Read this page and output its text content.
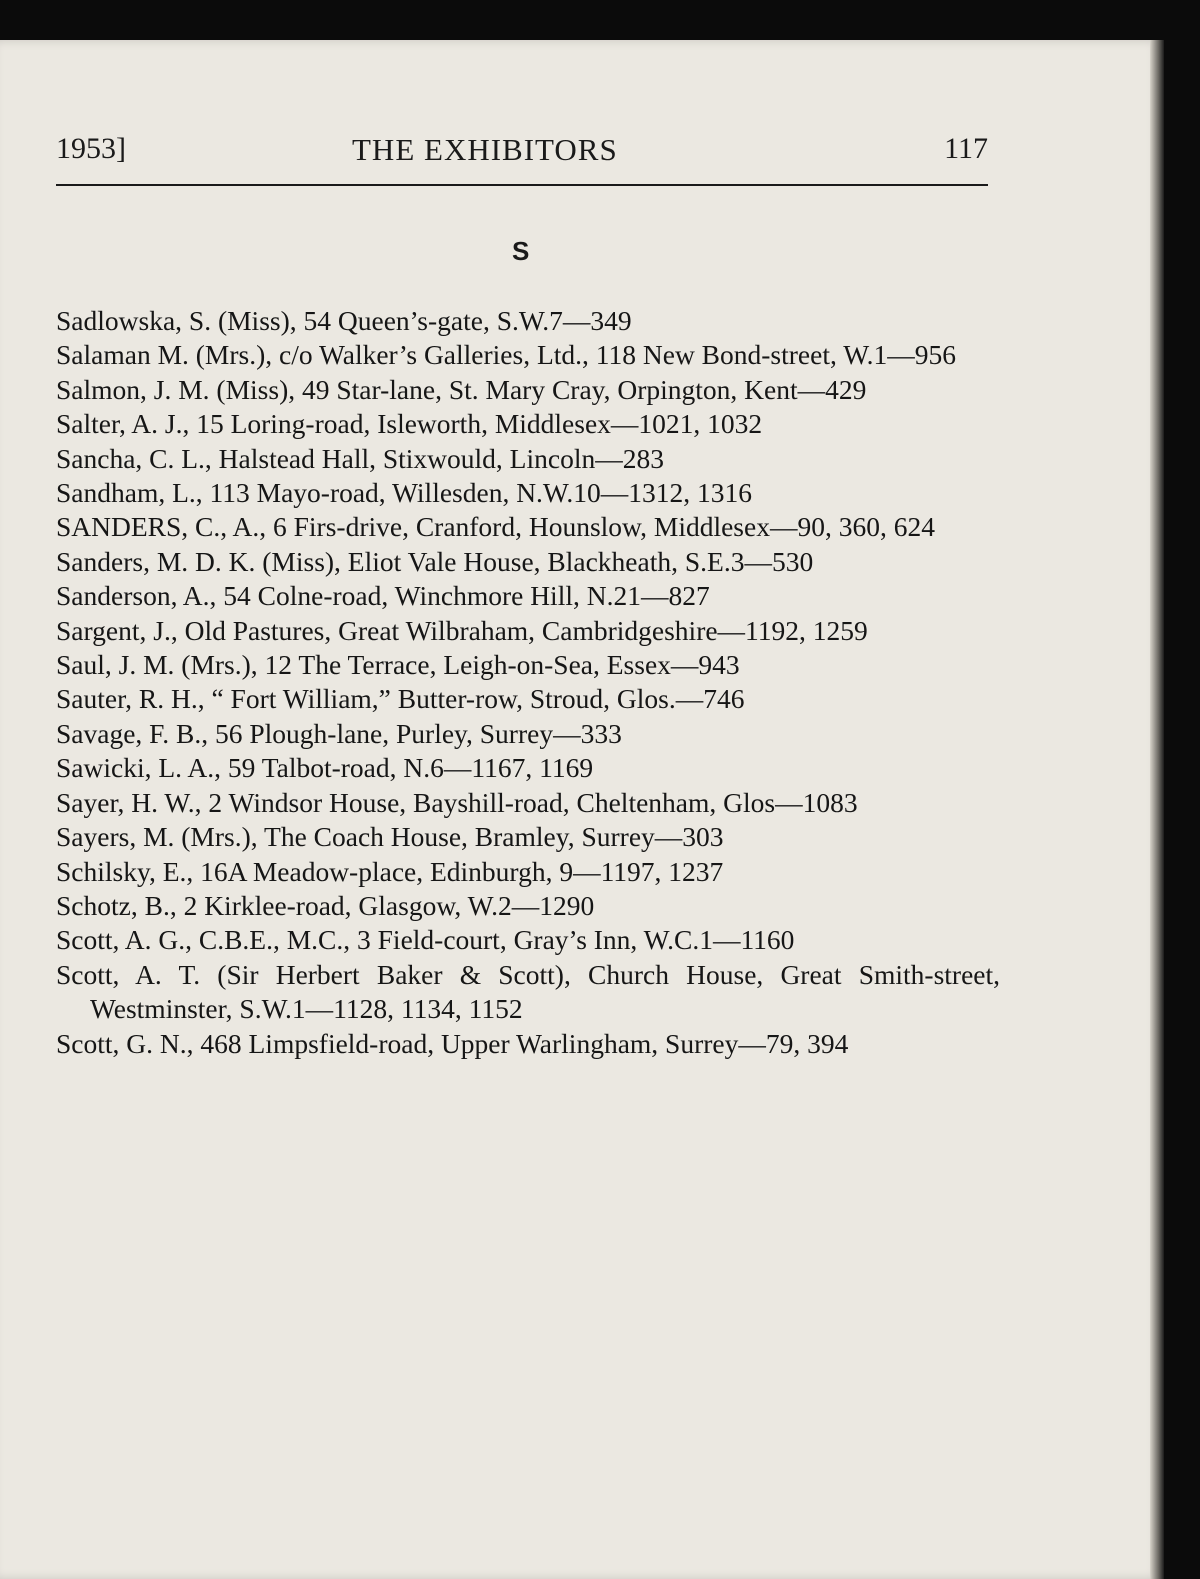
1953]	THE EXHIBITORS	117
S
Sadlowska, S. (Miss), 54 Queen’s-gate, S.W.7—349
Salaman M. (Mrs.), c/o Walker’s Galleries, Ltd., 118 New Bond-street, W.1—956
Salmon, J. M. (Miss), 49 Star-lane, St. Mary Cray, Orpington, Kent—429
Salter, A. J., 15 Loring-road, Isleworth, Middlesex—1021, 1032
Sancha, C. L., Halstead Hall, Stixwould, Lincoln—283
Sandham, L., 113 Mayo-road, Willesden, N.W.10—1312, 1316
SANDERS, C., A., 6 Firs-drive, Cranford, Hounslow, Middlesex—90, 360, 624
Sanders, M. D. K. (Miss), Eliot Vale House, Blackheath, S.E.3—530
Sanderson, A., 54 Colne-road, Winchmore Hill, N.21—827
Sargent, J., Old Pastures, Great Wilbraham, Cambridgeshire—1192, 1259
Saul, J. M. (Mrs.), 12 The Terrace, Leigh-on-Sea, Essex—943
Sauter, R. H., “ Fort William,” Butter-row, Stroud, Glos.—746
Savage, F. B., 56 Plough-lane, Purley, Surrey—333
Sawicki, L. A., 59 Talbot-road, N.6—1167, 1169
Sayer, H. W., 2 Windsor House, Bayshill-road, Cheltenham, Glos—1083
Sayers, M. (Mrs.), The Coach House, Bramley, Surrey—303
Schilsky, E., 16A Meadow-place, Edinburgh, 9—1197, 1237
Schotz, B., 2 Kirklee-road, Glasgow, W.2—1290
Scott, A. G., C.B.E., M.C., 3 Field-court, Gray’s Inn, W.C.1—1160
Scott, A. T. (Sir Herbert Baker & Scott), Church House, Great Smith-street, Westminster, S.W.1—1128, 1134, 1152
Scott, G. N., 468 Limpsfield-road, Upper Warlingham, Surrey—79, 394
